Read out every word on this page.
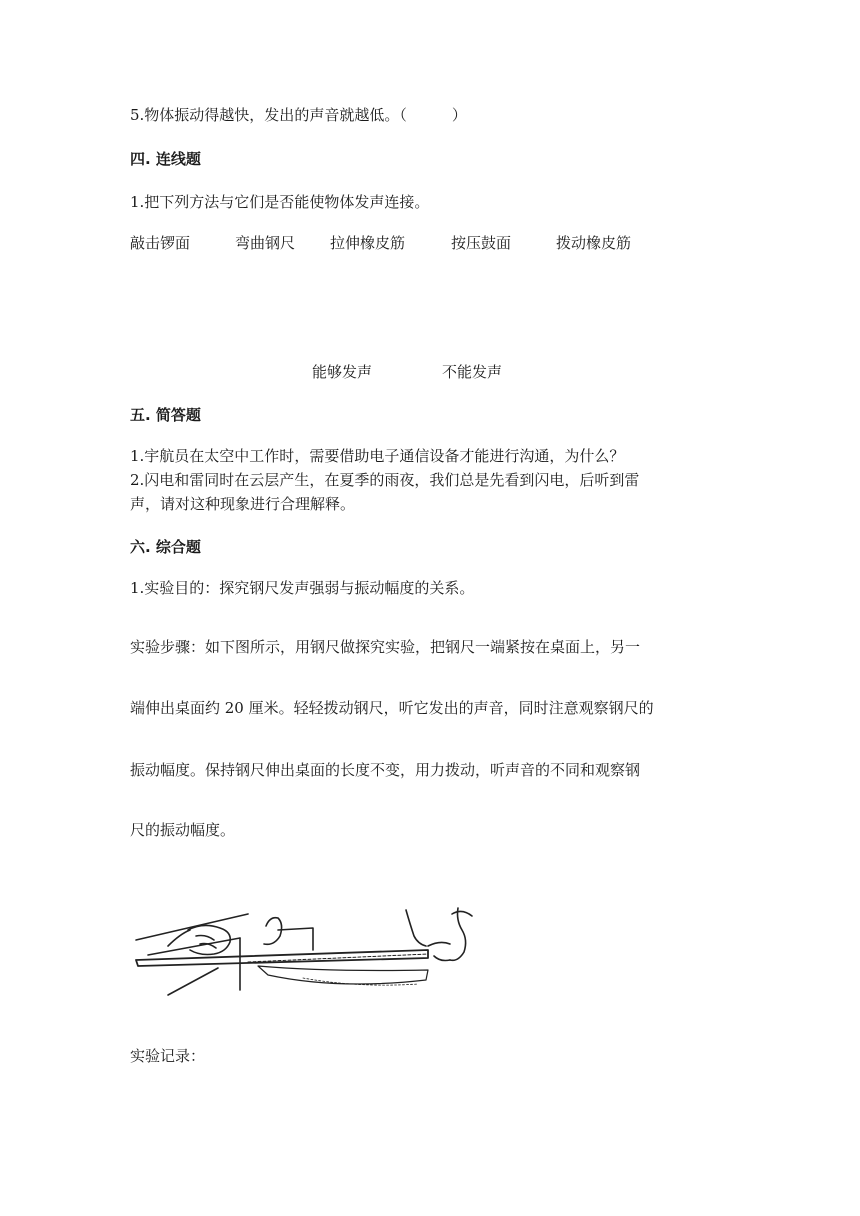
5.物体振动得越快，发出的声音就越低。（　　　）
四. 连线题
1.把下列方法与它们是否能使物体发声连接。
敲击锣面	弯曲钢尺 拉伸橡皮筋	按压鼓面	拨动橡皮筋
能够发声	不能发声
五. 简答题
1.宇航员在太空中工作时，需要借助电子通信设备才能进行沟通，为什么？
2.闪电和雷同时在云层产生，在夏季的雨夜，我们总是先看到闪电，后听到雷
声，请对这种现象进行合理解释。
六. 综合题
1.实验目的：探究钢尺发声强弱与振动幅度的关系。
实验步骤：如下图所示，用钢尺做探究实验，把钢尺一端紧按在桌面上，另一
端伸出桌面约 20 厘米。轻轻拨动钢尺，听它发出的声音，同时注意观察钢尺的
振动幅度。保持钢尺伸出桌面的长度不变，用力拨动，听声音的不同和观察钢
尺的振动幅度。
实验记录：
